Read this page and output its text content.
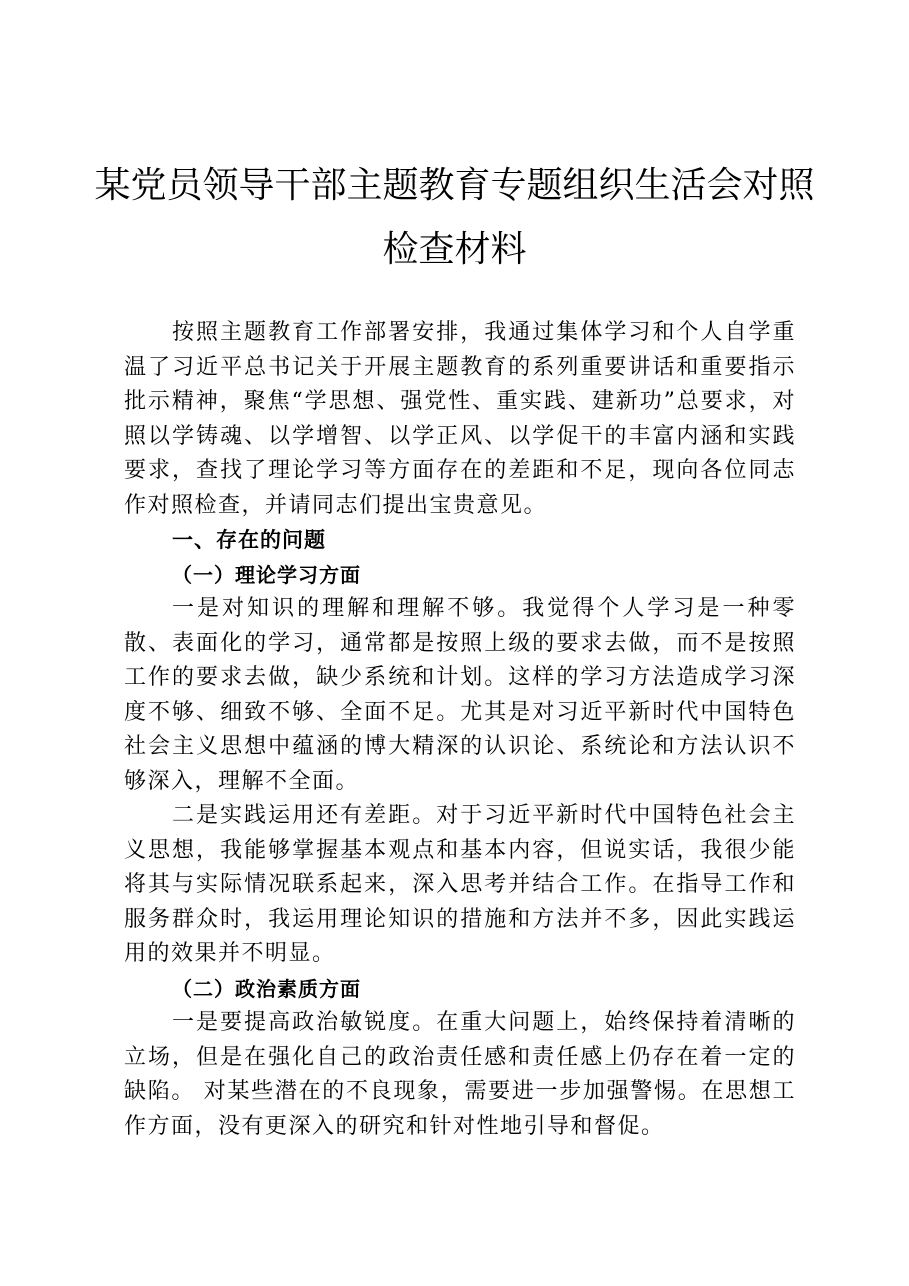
某党员领导干部主题教育专题组织生活会对照
检查材料

按照主题教育工作部署安排，我通过集体学习和个人自学重温了习近平总书记关于开展主题教育的系列重要讲话和重要指示批示精神，聚焦“学思想、强党性、重实践、建新功”总要求，对照以学铸魂、以学增智、以学正风、以学促干的丰富内涵和实践要求，查找了理论学习等方面存在的差距和不足，现向各位同志作对照检查，并请同志们提出宝贵意见。

一、存在的问题

（一）理论学习方面

一是对知识的理解和理解不够。我觉得个人学习是一种零散、表面化的学习，通常都是按照上级的要求去做，而不是按照工作的要求去做，缺少系统和计划。这样的学习方法造成学习深度不够、细致不够、全面不足。尤其是对习近平新时代中国特色社会主义思想中蕴涵的博大精深的认识论、系统论和方法认识不够深入，理解不全面。

二是实践运用还有差距。对于习近平新时代中国特色社会主义思想，我能够掌握基本观点和基本内容，但说实话，我很少能将其与实际情况联系起来，深入思考并结合工作。在指导工作和服务群众时，我运用理论知识的措施和方法并不多，因此实践运用的效果并不明显。

（二）政治素质方面

一是要提高政治敏锐度。在重大问题上，始终保持着清晰的立场，但是在强化自己的政治责任感和责任感上仍存在着一定的缺陷。 对某些潜在的不良现象，需要进一步加强警惕。在思想工作方面，没有更深入的研究和针对性地引导和督促。
